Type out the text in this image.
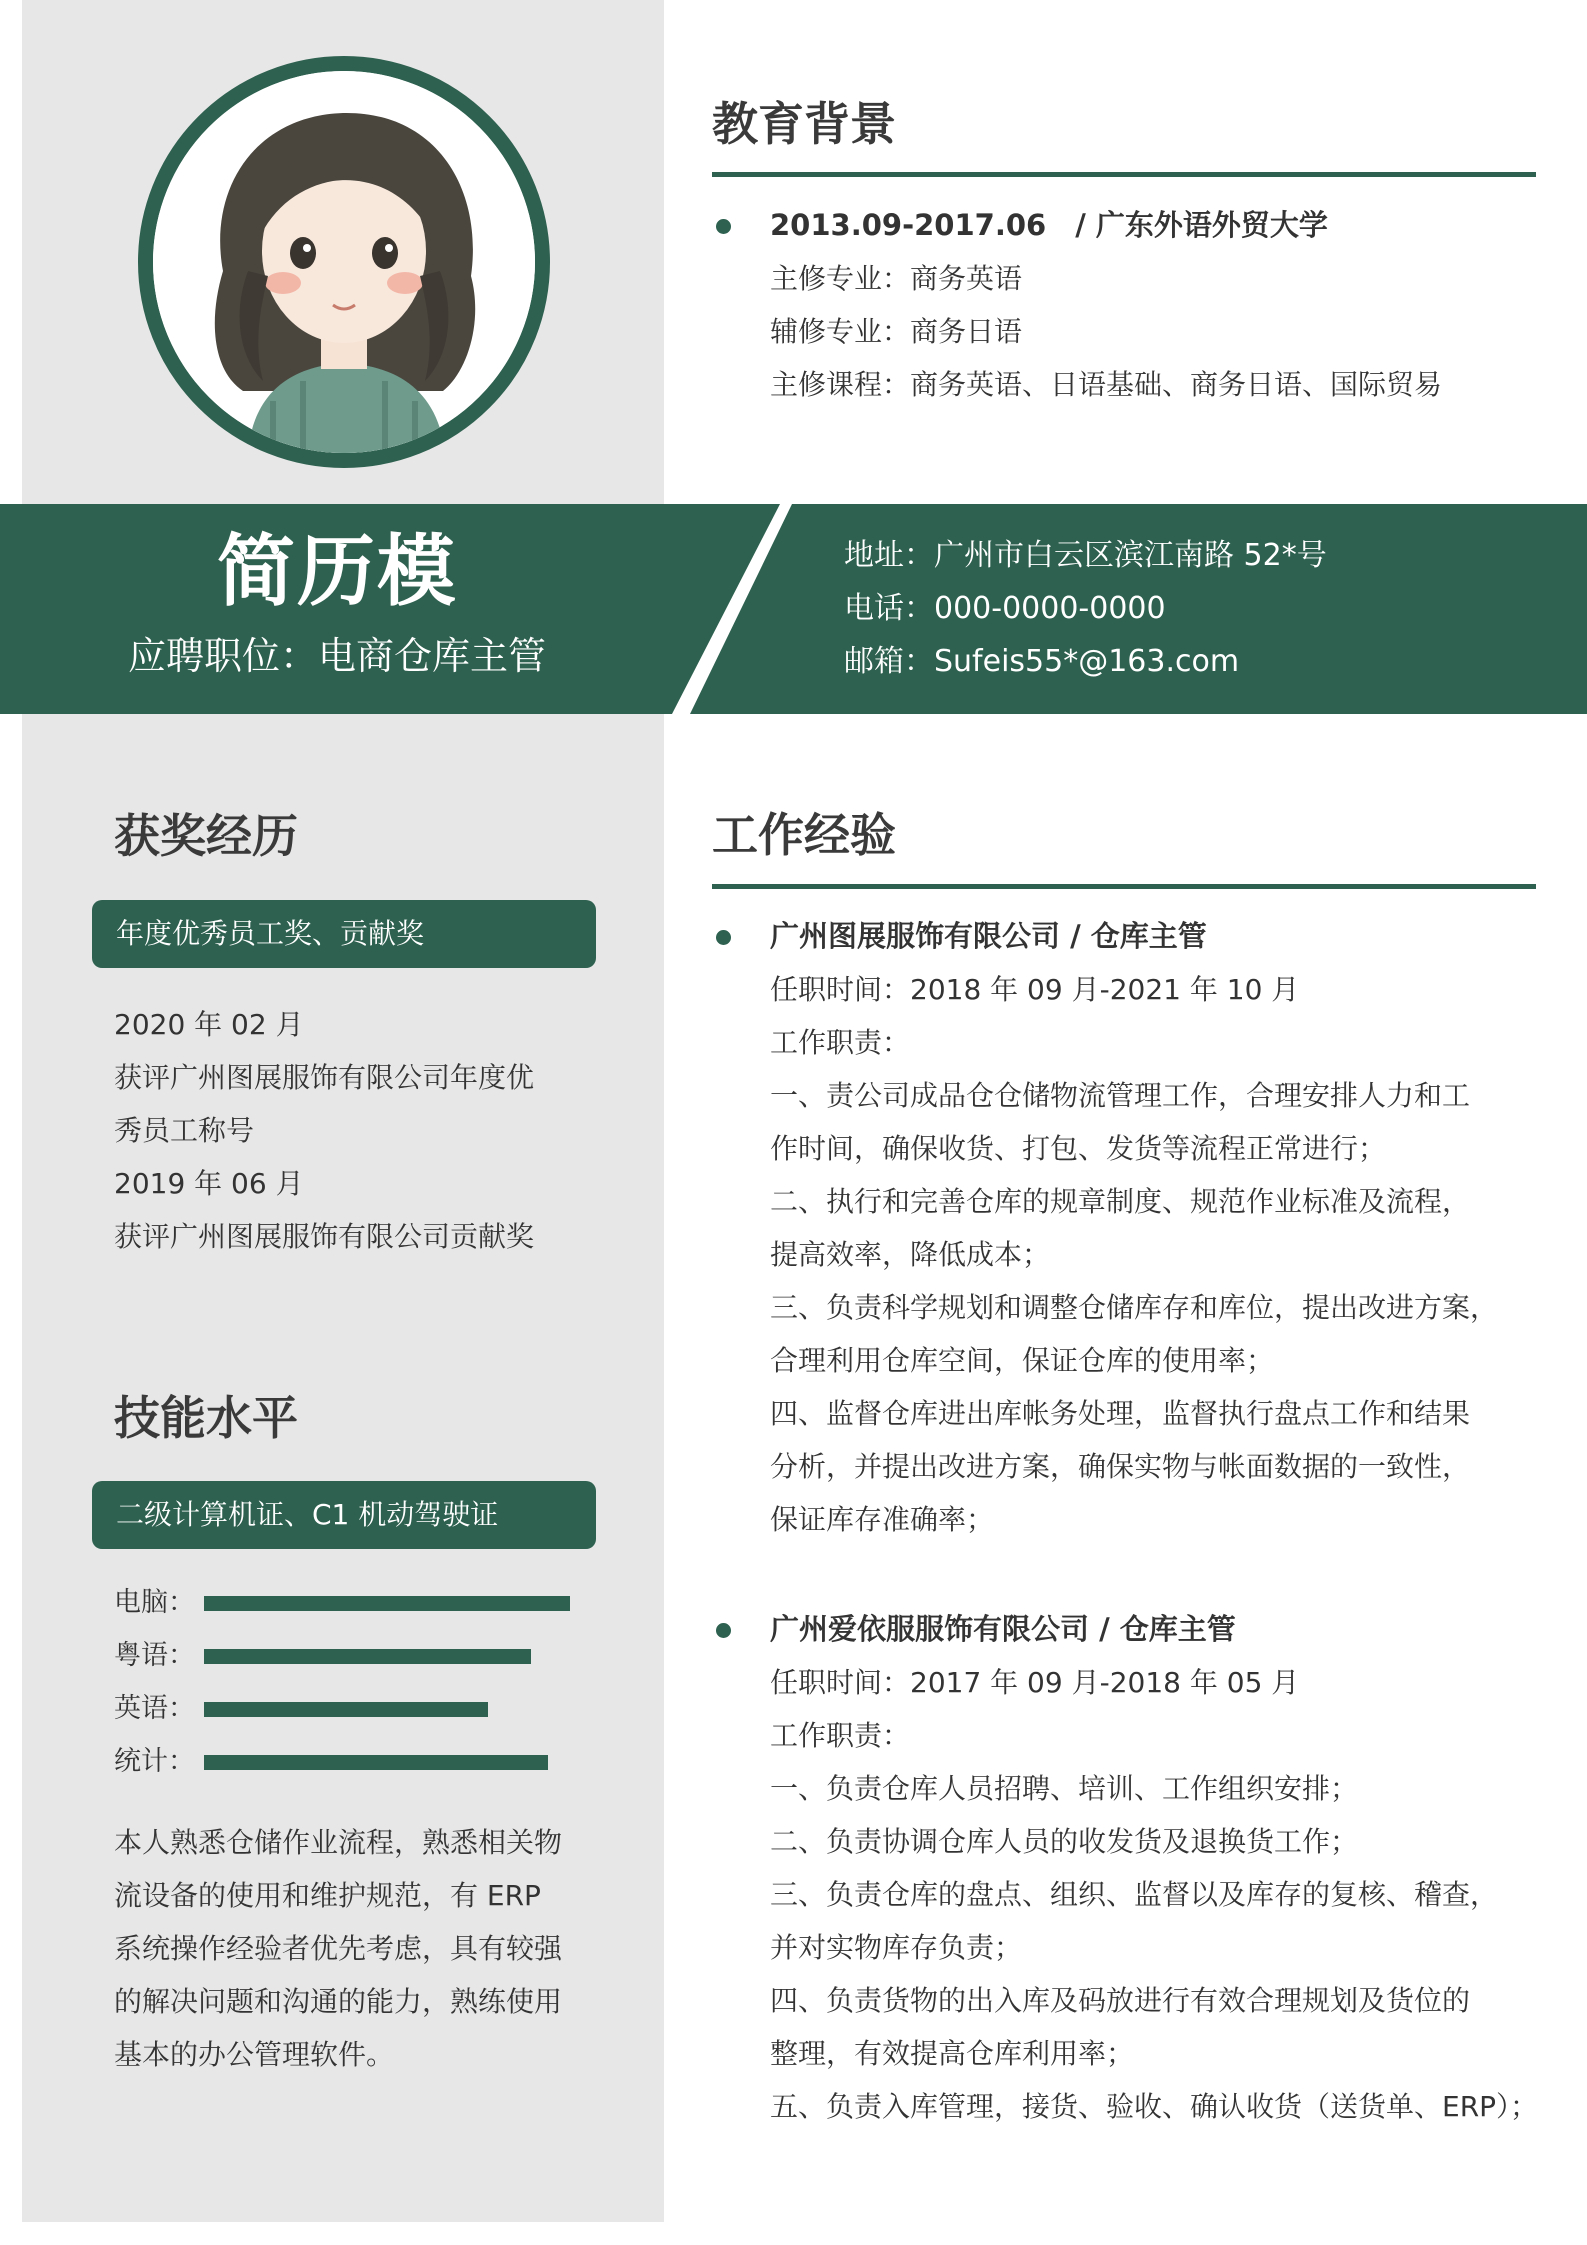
简历模
应聘职位：电商仓库主管
地址：广州市白云区滨江南路 52*号
电话：000-0000-0000
邮箱：Sufeis55*@163.com
教育背景
2013.09-2017.06　/ 广东外语外贸大学
主修专业：商务英语
辅修专业：商务日语
主修课程：商务英语、日语基础、商务日语、国际贸易
获奖经历
年度优秀员工奖、贡献奖
2020 年 02 月
获评广州图展服饰有限公司年度优
秀员工称号
2019 年 06 月
获评广州图展服饰有限公司贡献奖
技能水平
二级计算机证、C1 机动驾驶证
电脑：
粤语：
英语：
统计：
本人熟悉仓储作业流程，熟悉相关物
流设备的使用和维护规范，有 ERP
系统操作经验者优先考虑，具有较强
的解决问题和沟通的能力，熟练使用
基本的办公管理软件。
工作经验
广州图展服饰有限公司 / 仓库主管
任职时间：2018 年 09 月-2021 年 10 月
工作职责：
一、责公司成品仓仓储物流管理工作，合理安排人力和工
作时间，确保收货、打包、发货等流程正常进行；
二、执行和完善仓库的规章制度、规范作业标准及流程，
提高效率，降低成本；
三、负责科学规划和调整仓储库存和库位，提出改进方案，
合理利用仓库空间，保证仓库的使用率；
四、监督仓库进出库帐务处理，监督执行盘点工作和结果
分析，并提出改进方案，确保实物与帐面数据的一致性，
保证库存准确率；
广州爱依服服饰有限公司 / 仓库主管
任职时间：2017 年 09 月-2018 年 05 月
工作职责：
一、负责仓库人员招聘、培训、工作组织安排；
二、负责协调仓库人员的收发货及退换货工作；
三、负责仓库的盘点、组织、监督以及库存的复核、稽查，
并对实物库存负责；
四、负责货物的出入库及码放进行有效合理规划及货位的
整理，有效提高仓库利用率；
五、负责入库管理，接货、验收、确认收货（送货单、ERP）；
